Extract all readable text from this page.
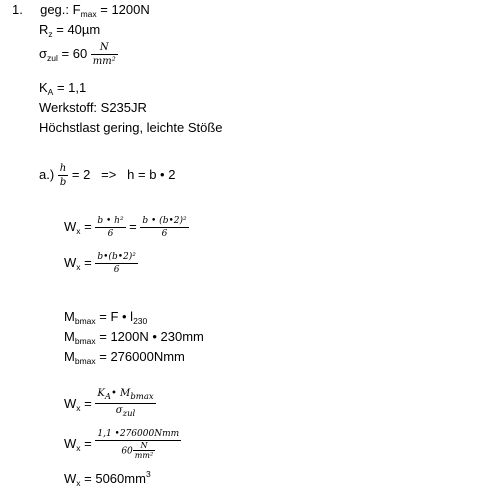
1. geg.: $F_{max} = 1200N$
$R_z = 40\mu m$
$\sigma_{zul} = 60 \frac{N}{\text{mm²}}$
$K_A = 1,1$
Werkstoff: S235JR
Höchstlast gering, leichte Stöße
$a.) \frac{h}{b} = 2 => h = b$ • 2
$W_x = \frac{\text{b • h²}}{6} = \frac{\text{b • (b•2)²}}{6}$
$W_x = \frac{\text{b•(b•2)²}}{6}$
$M_{bmax} = F$ • $l_{230}$
$M_{bmax} = 1200N$ • 230mm
$M_{bmax} = 276000Nmm$
$W_x = \frac{K_A• M_{bmax}}{\sigma_{zul}}$
$W_x = \frac{\text{1,1 •276000Nmm}}{60 \frac{N}{\text{mm²}}}$
$W_x = 5060mm^3$
